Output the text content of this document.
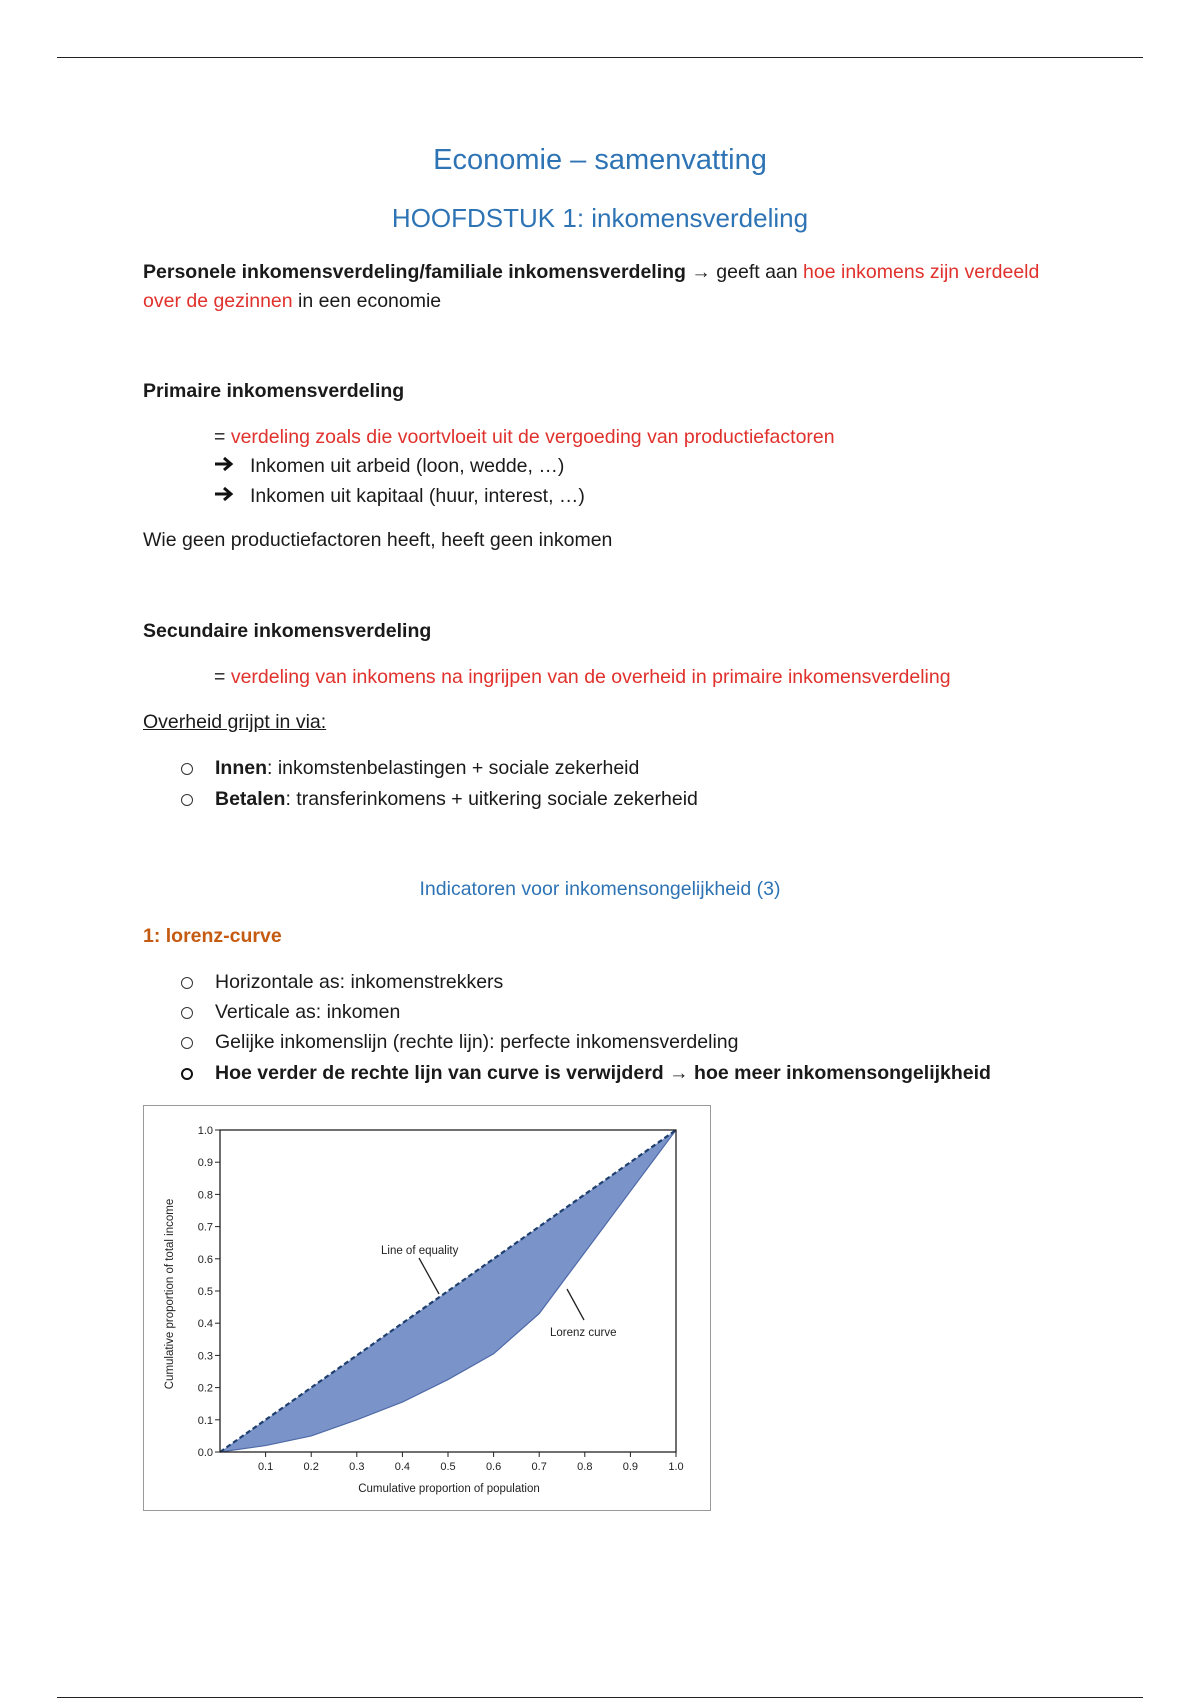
Economie – samenvatting
HOOFDSTUK 1: inkomensverdeling
Personele inkomensverdeling/familiale inkomensverdeling → geeft aan hoe inkomens zijn verdeeld over de gezinnen in een economie
Primaire inkomensverdeling
= verdeling zoals die voortvloeit uit de vergoeding van productiefactoren
Inkomen uit arbeid (loon, wedde, …)
Inkomen uit kapitaal (huur, interest, …)
Wie geen productiefactoren heeft, heeft geen inkomen
Secundaire inkomensverdeling
= verdeling van inkomens na ingrijpen van de overheid in primaire inkomensverdeling
Overheid grijpt in via:
Innen: inkomstenbelastingen + sociale zekerheid
Betalen: transferinkomens + uitkering sociale zekerheid
Indicatoren voor inkomensongelijkheid (3)
1: lorenz-curve
Horizontale as: inkomenstrekkers
Verticale as: inkomen
Gelijke inkomenslijn (rechte lijn): perfecte inkomensverdeling
Hoe verder de rechte lijn van curve is verwijderd → hoe meer inkomensongelijkheid
0.0
0.1
0.2
0.3
0.4
0.5
0.6
0.7
0.8
0.9
1.0
0.1	0.2	0.3	0.4	0.5	0.6	0.7	0.8	0.9	1.0
Cumulative proportion of total income
Cumulative proportion of population
Line of equality
Lorenz curve
